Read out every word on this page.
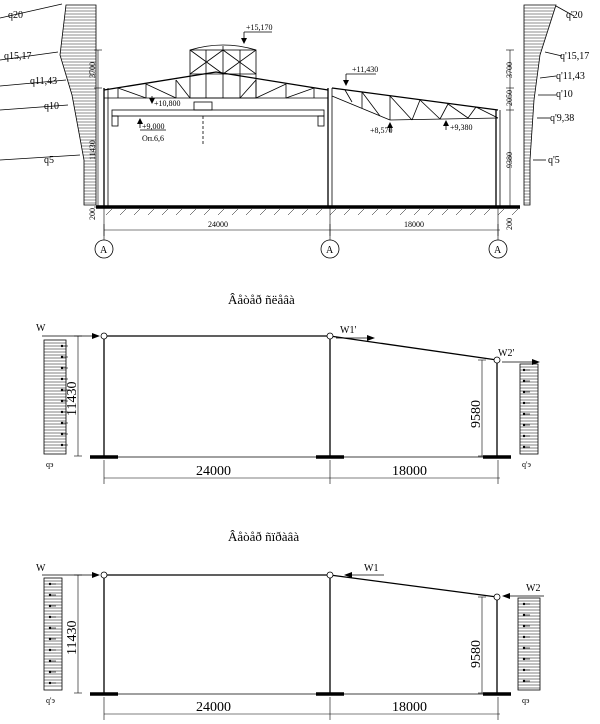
q20
q15,17
q11,43
q10
q5
q'20
q'15,17
q'11,43
q'10
q'9,38
q'5
3700
11430
200
3700
2050
9380
200
+15,170
+11,430
+10,800
+9,000
Оп.6,6
+8,570	+9,380
24000	18000
А	А	А
Âåòåð ñëåâà
W
qэ
W1'
W2'
q'э
11430	9580
24000	18000
Âåòåð ñïðàâà
W
q'э
W1
W2
qэ
11430	9580
24000	18000
